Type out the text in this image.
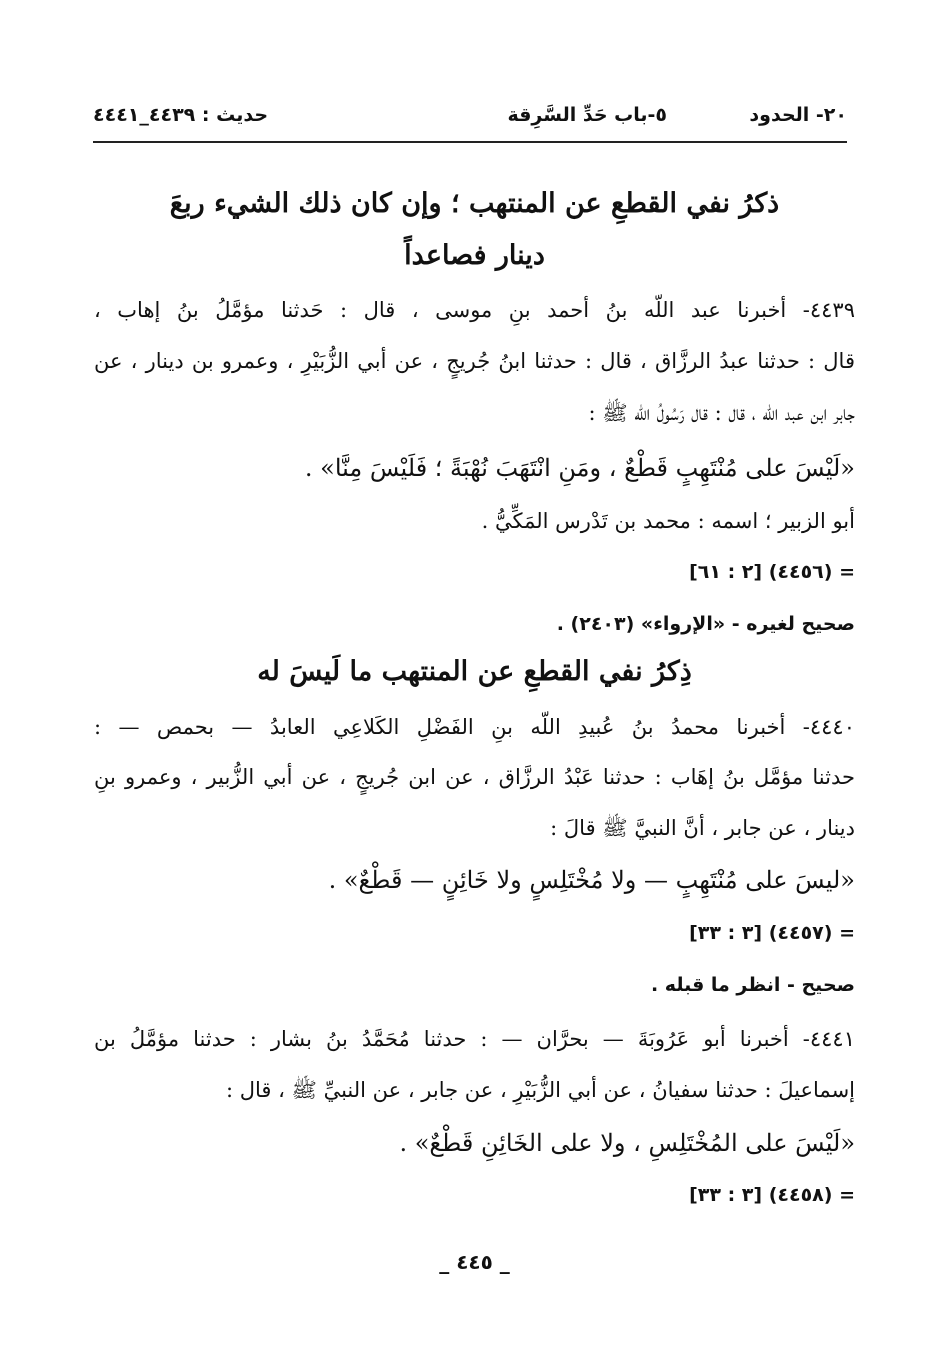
٢٠- الحدود
٥-باب حَدِّ السَّرِقة
حديث : ٤٤٣٩_٤٤٤١
ذكرُ نفي القطعِ عن المنتهب ؛ وإن كان ذلك الشيء ربعَ
دينار فصاعداً
٤٤٣٩- أخبرنا عبد اللّه بنُ أحمد بنِ موسى ، قال : حَدثنا مؤمَّلُ بنُ إهاب ،
قال : حدثنا عبدُ الرزَّاق ، قال : حدثنا ابنُ جُريجٍ ، عن أبي الزُّبَيْرِ ، وعمرو بن دينار ، عن
جابر ابن عبد اللّه ، قال : قال رَسُولُ اللّه ﷺ :
«لَيْسَ على مُنْتَهِبٍ قَطْعٌ ، ومَنِ انْتَهَبَ نُهْبَةً ؛ فَلَيْسَ مِنَّا» .
أبو الزبير ؛ اسمه : محمد بن تَدْرس المَكِّيُّ .
= (٤٤٥٦) [٢ : ٦١]
صحيح لغيره - «الإرواء» (٢٤٠٣) .
ذِكرُ نفي القطعِ عن المنتهب ما لَيسَ له
٤٤٤٠- أخبرنا محمدُ بنُ عُبيدِ اللّه بنِ الفَضْلِ الكَلاعِي العابدُ — بحمص — :
حدثنا مؤمَّل بنُ إهَاب : حدثنا عَبْدُ الرزَّاق ، عن ابن جُريجٍ ، عن أبي الزُّبير ، وعمرو بنِ
دينار ، عن جابر ، أنَّ النبيَّ ﷺ قالَ :
«ليسَ على مُنْتَهِبٍ — ولا مُخْتَلِسٍ ولا خَائِنٍ — قَطْعٌ» .
= (٤٤٥٧) [٣ : ٣٣]
صحيح - انظر ما قبله .
٤٤٤١- أخبرنا أبو عَرُوبَةَ — بحرَّان — : حدثنا مُحَمَّدُ بنُ بشار : حدثنا مؤمَّلُ بن
إسماعيلَ : حدثنا سفيانُ ، عن أبي الزُّبَيْرِ ، عن جابر ، عن النبيِّ ﷺ ، قال :
«لَيْسَ على المُخْتَلِسِ ، ولا على الخَائِنِ قَطْعٌ» .
= (٤٤٥٨) [٣ : ٣٣]
_ ٤٤٥ _
